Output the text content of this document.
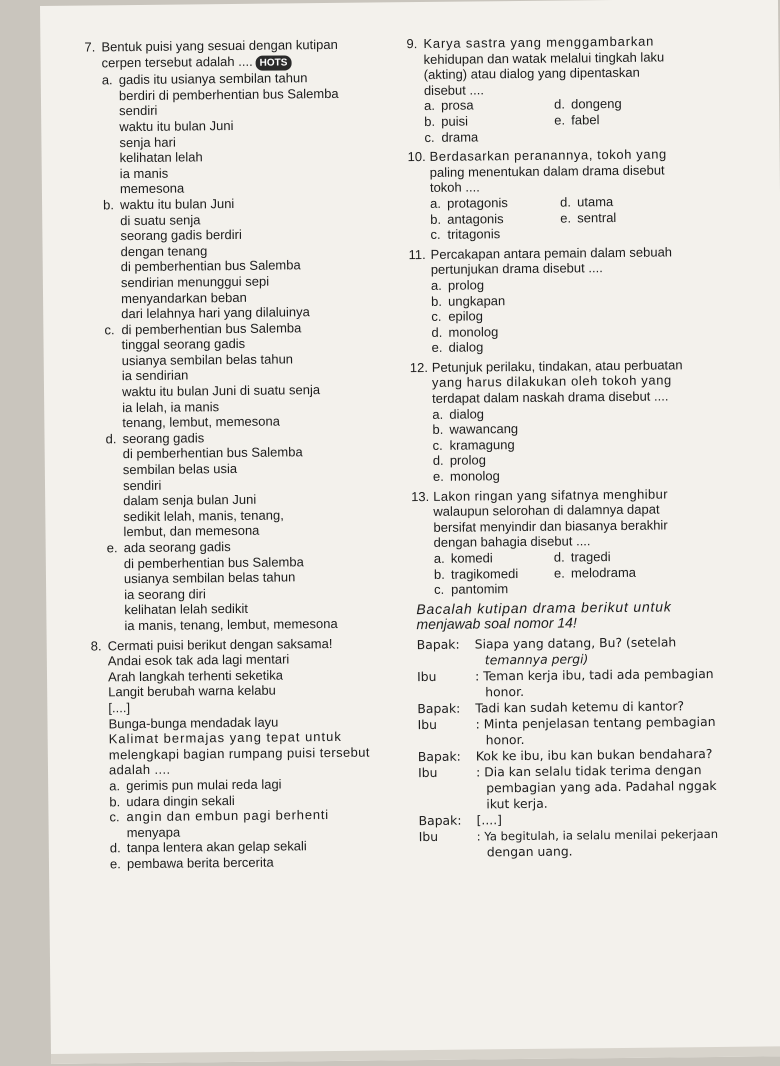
7. Bentuk puisi yang sesuai dengan kutipan
cerpen tersebut adalah .... HOTS
a. gadis itu usianya sembilan tahun
berdiri di pemberhentian bus Salemba
sendiri
waktu itu bulan Juni
senja hari
kelihatan lelah
ia manis
memesona
b. waktu itu bulan Juni
di suatu senja
seorang gadis berdiri
dengan tenang
di pemberhentian bus Salemba
sendirian menunggui sepi
menyandarkan beban
dari lelahnya hari yang dilaluinya
c. di pemberhentian bus Salemba
tinggal seorang gadis
usianya sembilan belas tahun
ia sendirian
waktu itu bulan Juni di suatu senja
ia lelah, ia manis
tenang, lembut, memesona
d. seorang gadis
di pemberhentian bus Salemba
sembilan belas usia
sendiri
dalam senja bulan Juni
sedikit lelah, manis, tenang,
lembut, dan memesona
e. ada seorang gadis
di pemberhentian bus Salemba
usianya sembilan belas tahun
ia seorang diri
kelihatan lelah sedikit
ia manis, tenang, lembut, memesona
8. Cermati puisi berikut dengan saksama!
Andai esok tak ada lagi mentari
Arah langkah terhenti seketika
Langit berubah warna kelabu
[....]
Bunga-bunga mendadak layu
Kalimat bermajas yang tepat untuk
melengkapi bagian rumpang puisi tersebut
adalah ....
a. gerimis pun mulai reda lagi
b. udara dingin sekali
c. angin dan embun pagi berhenti
menyapa
d. tanpa lentera akan gelap sekali
e. pembawa berita bercerita
9. Karya sastra yang menggambarkan
kehidupan dan watak melalui tingkah laku
(akting) atau dialog yang dipentaskan
disebut ....
a. prosa	d. dongeng
b. puisi	e. fabel
c. drama
10. Berdasarkan peranannya, tokoh yang
paling menentukan dalam drama disebut
tokoh ....
a. protagonis	d. utama
b. antagonis	e. sentral
c. tritagonis
11. Percakapan antara pemain dalam sebuah
pertunjukan drama disebut ....
a. prolog
b. ungkapan
c. epilog
d. monolog
e. dialog
12. Petunjuk perilaku, tindakan, atau perbuatan
yang harus dilakukan oleh tokoh yang
terdapat dalam naskah drama disebut ....
a. dialog
b. wawancang
c. kramagung
d. prolog
e. monolog
13. Lakon ringan yang sifatnya menghibur
walaupun selorohan di dalamnya dapat
bersifat menyindir dan biasanya berakhir
dengan bahagia disebut ....
a. komedi	d. tragedi
b. tragikomedi	e. melodrama
c. pantomim
Bacalah kutipan drama berikut untuk
menjawab soal nomor 14!
Bapak:	Siapa yang datang, Bu? (setelah
temannya pergi)
Ibu	: Teman kerja ibu, tadi ada pembagian
honor.
Bapak:	Tadi kan sudah ketemu di kantor?
Ibu	: Minta penjelasan tentang pembagian
honor.
Bapak:	Kok ke ibu, ibu kan bukan bendahara?
Ibu	: Dia kan selalu tidak terima dengan
pembagian yang ada. Padahal nggak
ikut kerja.
Bapak:	[....]
Ibu	: Ya begitulah, ia selalu menilai pekerjaan
dengan uang.
